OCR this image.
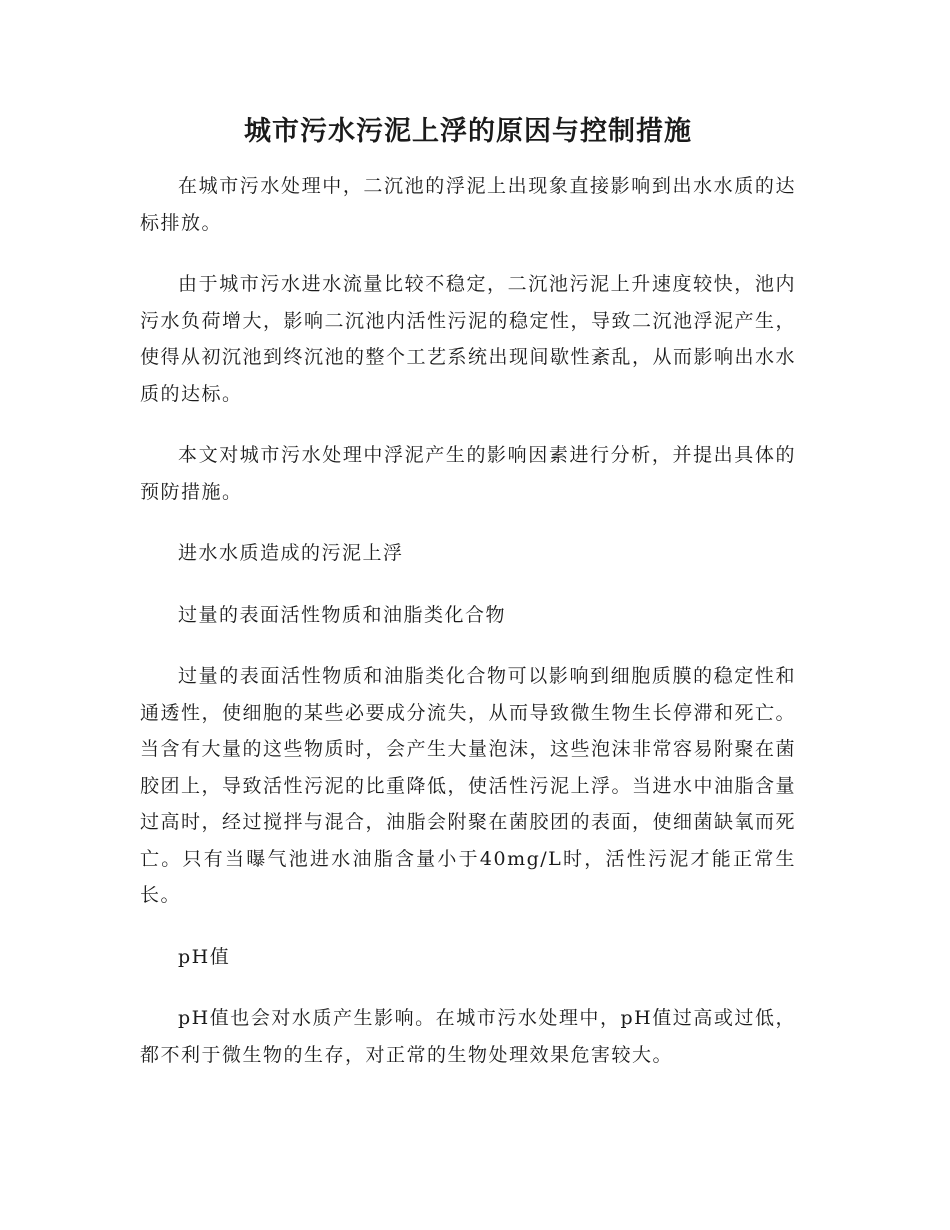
城市污水污泥上浮的原因与控制措施

在城市污水处理中，二沉池的浮泥上出现象直接影响到出水水质的达标排放。

由于城市污水进水流量比较不稳定，二沉池污泥上升速度较快，池内污水负荷增大，影响二沉池内活性污泥的稳定性，导致二沉池浮泥产生，使得从初沉池到终沉池的整个工艺系统出现间歇性紊乱，从而影响出水水质的达标。

本文对城市污水处理中浮泥产生的影响因素进行分析，并提出具体的预防措施。

进水水质造成的污泥上浮

过量的表面活性物质和油脂类化合物

过量的表面活性物质和油脂类化合物可以影响到细胞质膜的稳定性和通透性，使细胞的某些必要成分流失，从而导致微生物生长停滞和死亡。当含有大量的这些物质时，会产生大量泡沫，这些泡沫非常容易附聚在菌胶团上，导致活性污泥的比重降低，使活性污泥上浮。当进水中油脂含量过高时，经过搅拌与混合，油脂会附聚在菌胶团的表面，使细菌缺氧而死亡。只有当曝气池进水油脂含量小于40mg/L时，活性污泥才能正常生长。

pH值

pH值也会对水质产生影响。在城市污水处理中，pH值过高或过低，都不利于微生物的生存，对正常的生物处理效果危害较大。
